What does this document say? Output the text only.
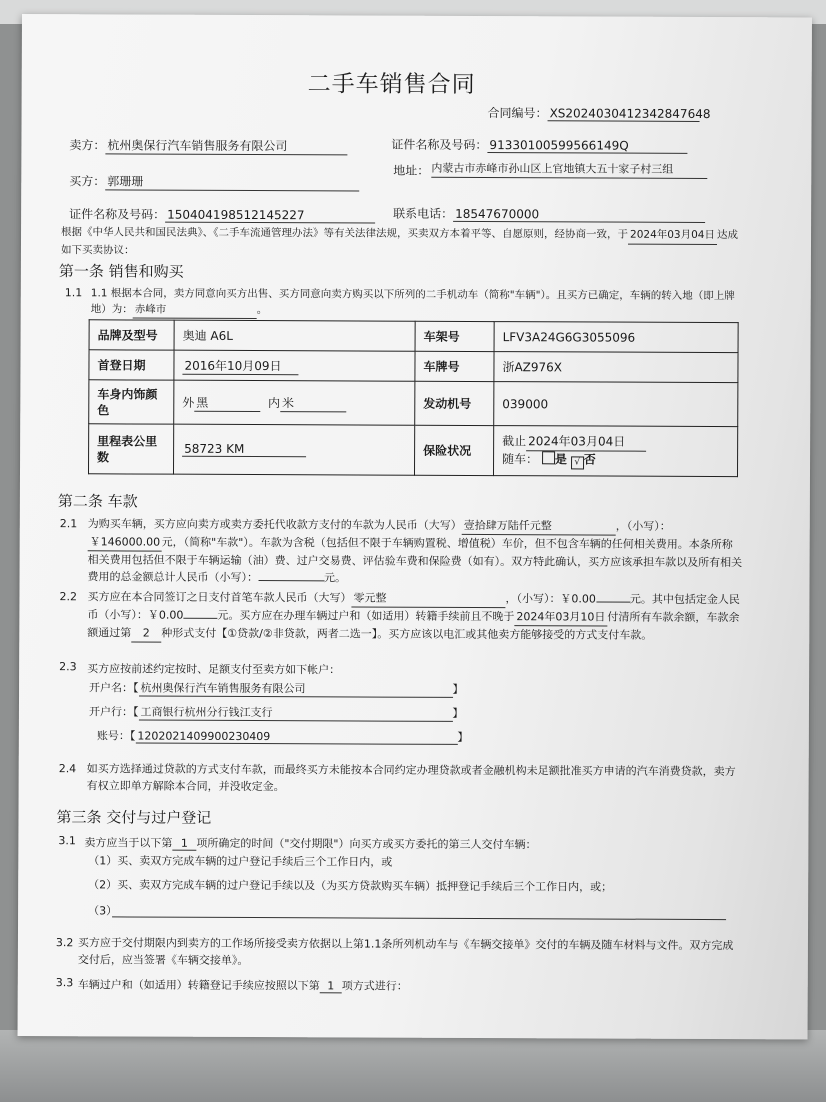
二手车销售合同
合同编号： XS2024030412342847648
卖方： 杭州奥保行汽车销售服务有限公司	证件名称及号码： 91330100599566149Q
买方： 郭珊珊
地址： 内蒙古市赤峰市孙山区上官地镇大五十家子村三组
证件名称及号码： 150404198512145227	联系电话： 18547670000
根据《中华人民共和国民法典》、《二手车流通管理办法》等有关法律法规，买卖双方本着平等、自愿原则，经协商一致，于 2024年03月04日 达成如下买卖协议：
第一条 销售和购买
1.1 1.1 根据本合同，卖方同意向买方出售、买方同意向卖方购买以下所列的二手机动车（简称"车辆"）。且买方已确定，车辆的转入地（即上牌地）为： 赤峰市	。
品牌及型号	奥迪 A6L	车架号	LFV3A24G6G3055096
首登日期	2016年10月09日	车牌号	浙AZ976X
车身内饰颜色	外 黑 内 米	发动机号	039000
里程表公里数	58723 KM	保险状况	截止 2024年03月04日
随车： 是 √ 否
第二条 车款
2.1 为购买车辆，买方应向卖方或卖方委托代收款方支付的车款为人民币（大写） 壹拾肆万陆仟元整	，（小写）：￥146000.00元，（简称"车款"）。车款为含税（包括但不限于车辆购置税、增值税）车价，但不包含车辆的任何相关费用。本条所称相关费用包括但不限于车辆运输（油）费、过户交易费、评估验车费和保险费（如有）。双方特此确认，买方应该承担车款以及所有相关费用的总金额总计人民币（小写）：	元。
2.2 买方应在本合同签订之日支付首笔车款人民币（大写） 零元整	，（小写）：￥0.00	元。其中包括定金人民币（小写）：￥0.00	元。买方应在办理车辆过户和（如适用）转籍手续前且不晚于 2024年03月10日 付清所有车款余额，车款余额通过第 2 种形式支付【①贷款/②非贷款，两者二选一】。买方应该以电汇或其他卖方能够接受的方式支付车款。
2.3 买方应按前述约定按时、足额支付至卖方如下帐户：
开户名：【 杭州奥保行汽车销售服务有限公司	】
开户行：【 工商银行杭州分行钱江支行	】
账号：【 1202021409900230409	】
2.4 如买方选择通过贷款的方式支付车款，而最终买方未能按本合同约定办理贷款或者金融机构未足额批准买方申请的汽车消费贷款，卖方有权立即单方解除本合同，并没收定金。
第三条 交付与过户登记
3.1 卖方应当于以下第 1 项所确定的时间（"交付期限"）向买方或买方委托的第三人交付车辆：
（1）买、卖双方完成车辆的过户登记手续后三个工作日内，或
（2）买、卖双方完成车辆的过户登记手续以及（为买方贷款购买车辆）抵押登记手续后三个工作日内，或；
（3）
3.2 买方应于交付期限内到卖方的工作场所接受卖方依据以上第1.1条所列机动车与《车辆交接单》交付的车辆及随车材料与文件。双方完成交付后，应当签署《车辆交接单》。
3.3 车辆过户和（如适用）转籍登记手续应按照以下第 1 项方式进行：
